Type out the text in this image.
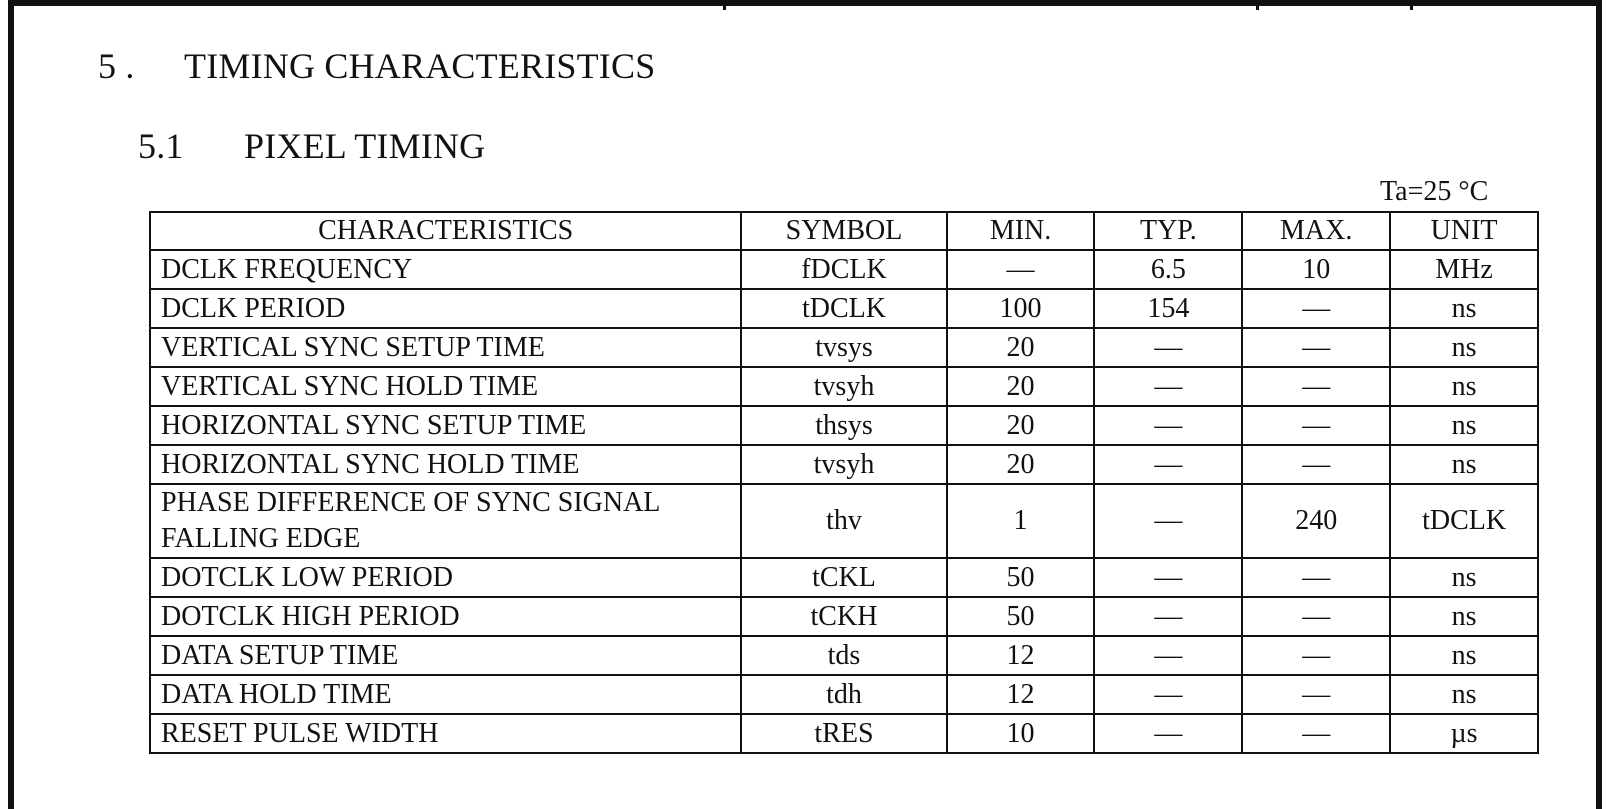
5 . TIMING CHARACTERISTICS
5.1 PIXEL TIMING
Ta=25 °C
CHARACTERISTICS	SYMBOL	MIN.	TYP.	MAX.	UNIT
DCLK FREQUENCY	fDCLK	—	6.5	10	MHz
DCLK PERIOD	tDCLK	100	154	—	ns
VERTICAL SYNC SETUP TIME	tvsys	20	—	—	ns
VERTICAL SYNC HOLD TIME	tvsyh	20	—	—	ns
HORIZONTAL SYNC SETUP TIME	thsys	20	—	—	ns
HORIZONTAL SYNC HOLD TIME	tvsyh	20	—	—	ns
PHASE DIFFERENCE OF SYNC SIGNAL FALLING EDGE	thv	1	—	240	tDCLK
DOTCLK LOW PERIOD	tCKL	50	—	—	ns
DOTCLK HIGH PERIOD	tCKH	50	—	—	ns
DATA SETUP TIME	tds	12	—	—	ns
DATA HOLD TIME	tdh	12	—	—	ns
RESET PULSE WIDTH	tRES	10	—	—	µs
